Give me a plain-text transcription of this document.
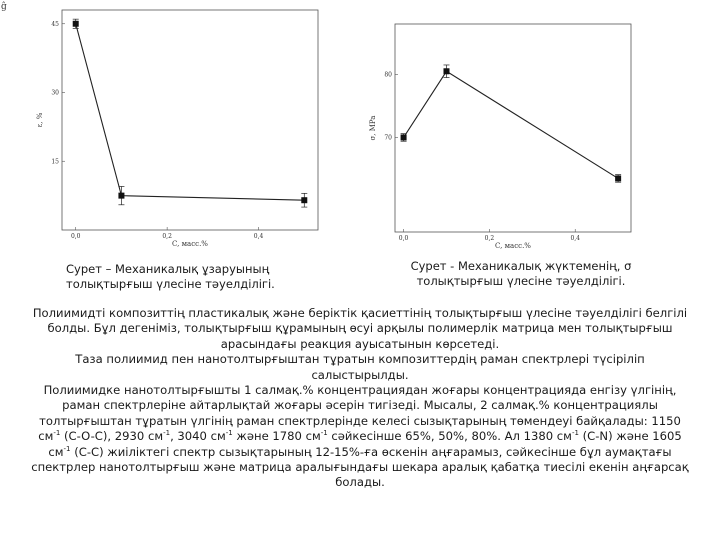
ĝ
0,0	0,2	0,4
15
30
45
C, масс.%
ε, %
0,0	0,2	0,4
70
80
C, масс.%
σ, MPa
Сурет – Механикалық ұзаруының
толықтырғыш үлесіне тәуелділігі.
Сурет - Механикалық жүктеменің, σ
толықтырғыш үлесіне тәуелділігі.

Полиимидті композиттің пластикалық және беріктік қасиеттінің толықтырғыш үлесіне тәуелділігі белгілі болды. Бұл дегеніміз, толықтырғыш құрамының өсуі арқылы полимерлік матрица мен толықтырғыш арасындағы реакция ауысатынын көрсетеді.

Таза полиимид пен нанотолтырғыштан тұратын композиттердің раман спектрлері түсіріліп салыстырылды.

Полиимидке нанотолтырғышты 1 салмақ.% концентрациядан жоғары концентрацияда енгізу үлгінің, раман спектрлеріне айтарлықтай жоғары әсерін тигізеді. Мысалы, 2 салмақ.% концентрациялы толтырғыштан тұратын үлгінің раман спектрлерінде келесі сызықтарының төмендеуі байқалады: 1150 $см^{-1}$ (C-O-C), 2930 $см^{-1}$, 3040 $см^{-1}$ және 1780 $см^{-1}$ сәйкесінше 65%, 50%, 80%. Ал 1380 $см^{-1}$ (C-N) және 1605 $см^{-1}$ (C-C) жиіліктегі спектр сызықтарының 12-15%-ға өскенін аңғарамыз, сәйкесінше бұл аумақтағы спектрлер нанотолтырғыш және матрица аралығындағы шекара аралық қабатқа тиесілі екенін аңғарсақ болады.
